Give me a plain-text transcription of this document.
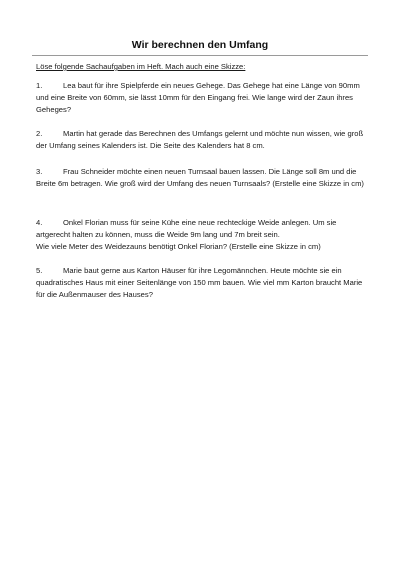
Wir berechnen den Umfang
Löse folgende Sachaufgaben im Heft. Mach auch eine Skizze:

1.	Lea baut für ihre Spielpferde ein neues Gehege. Das Gehege hat eine Länge von 90mm und eine Breite von 60mm, sie lässt 10mm für den Eingang frei. Wie lange wird der Zaun ihres Geheges?

2.	Martin hat gerade das Berechnen des Umfangs gelernt und möchte nun wissen, wie groß der Umfang seines Kalenders ist. Die Seite des Kalenders hat 8 cm.

3.	Frau Schneider möchte einen neuen Turnsaal bauen lassen. Die Länge soll 8m und die Breite 6m betragen. Wie groß wird der Umfang des neuen Turnsaals? (Erstelle eine Skizze in cm)

4.	Onkel Florian muss für seine Kühe eine neue rechteckige Weide anlegen. Um sie artgerecht halten zu können, muss die Weide 9m lang und 7m breit sein.
Wie viele Meter des Weidezauns benötigt Onkel Florian? (Erstelle eine Skizze in cm)

5.	Marie baut gerne aus Karton Häuser für ihre Legomännchen. Heute möchte sie ein quadratisches Haus mit einer Seitenlänge von 150 mm bauen. Wie viel mm Karton braucht Marie für die Außenmauser des Hauses?
